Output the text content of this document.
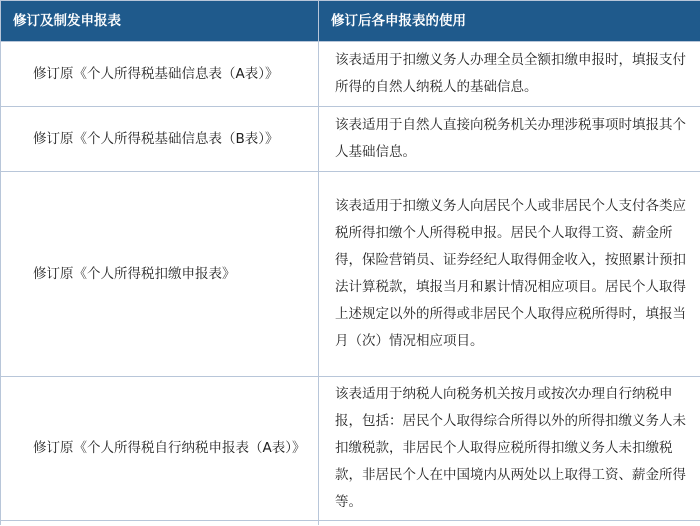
修订及制发申报表	修订后各申报表的使用
修订原《个人所得税基础信息表（A表）》	该表适用于扣缴义务人办理全员全额扣缴申报时，填报支付所得的自然人纳税人的基础信息。
修订原《个人所得税基础信息表（B表）》	该表适用于自然人直接向税务机关办理涉税事项时填报其个人基础信息。
修订原《个人所得税扣缴申报表》	该表适用于扣缴义务人向居民个人或非居民个人支付各类应税所得扣缴个人所得税申报。居民个人取得工资、薪金所得，保险营销员、证券经纪人取得佣金收入，按照累计预扣法计算税款，填报当月和累计情况相应项目。居民个人取得上述规定以外的所得或非居民个人取得应税所得时，填报当月（次）情况相应项目。
修订原《个人所得税自行纳税申报表（A表）》	该表适用于纳税人向税务机关按月或按次办理自行纳税申报，包括：居民个人取得综合所得以外的所得扣缴义务人未扣缴税款，非居民个人取得应税所得扣缴义务人未扣缴税款，非居民个人在中国境内从两处以上取得工资、薪金所得等。
